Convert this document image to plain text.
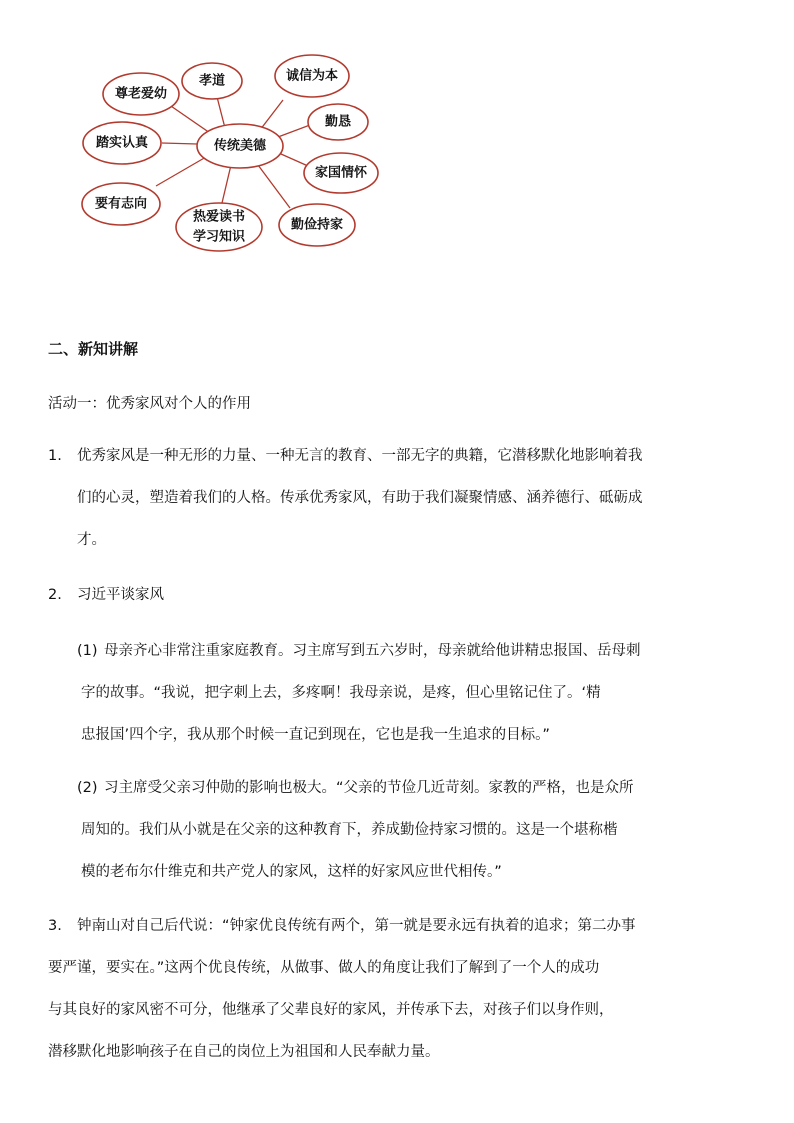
尊老爱幼
孝道	诚信为本
勤恳
踏实认真	传统美德
家国情怀
要有志向
热爱读书
学习知识
勤俭持家
二、新知讲解

活动一：优秀家风对个人的作用

1. 优秀家风是一种无形的力量、一种无言的教育、一部无字的典籍，它潜移默化地影响着我
们的心灵，塑造着我们的人格。传承优秀家风，有助于我们凝聚情感、涵养德行、砥砺成
才。
2. 习近平谈家风
(1) 母亲齐心非常注重家庭教育。习主席写到五六岁时，母亲就给他讲精忠报国、岳母刺
字的故事。“我说，把字刺上去，多疼啊！我母亲说，是疼，但心里铭记住了。‘精
忠报国’四个字，我从那个时候一直记到现在，它也是我一生追求的目标。”
(2) 习主席受父亲习仲勋的影响也极大。“父亲的节俭几近苛刻。家教的严格，也是众所
周知的。我们从小就是在父亲的这种教育下，养成勤俭持家习惯的。这是一个堪称楷
模的老布尔什维克和共产党人的家风，这样的好家风应世代相传。”
3. 钟南山对自己后代说：“钟家优良传统有两个，第一就是要永远有执着的追求；第二办事
要严谨，要实在。”这两个优良传统，从做事、做人的角度让我们了解到了一个人的成功
与其良好的家风密不可分，他继承了父辈良好的家风，并传承下去，对孩子们以身作则，
潜移默化地影响孩子在自己的岗位上为祖国和人民奉献力量。
